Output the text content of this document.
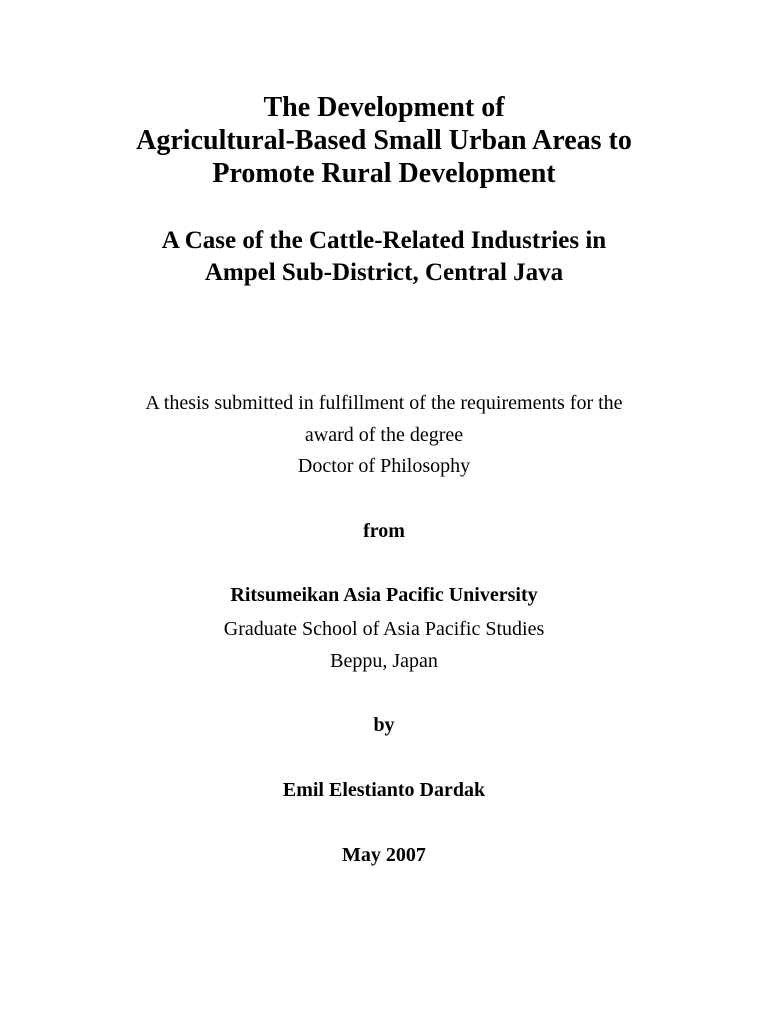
The Development of
Agricultural-Based Small Urban Areas to
Promote Rural Development
A Case of the Cattle-Related Industries in
Ampel Sub-District, Central Java
A thesis submitted in fulfillment of the requirements for the
award of the degree
Doctor of Philosophy
from
Ritsumeikan Asia Pacific University
Graduate School of Asia Pacific Studies
Beppu, Japan
by
Emil Elestianto Dardak
May 2007
